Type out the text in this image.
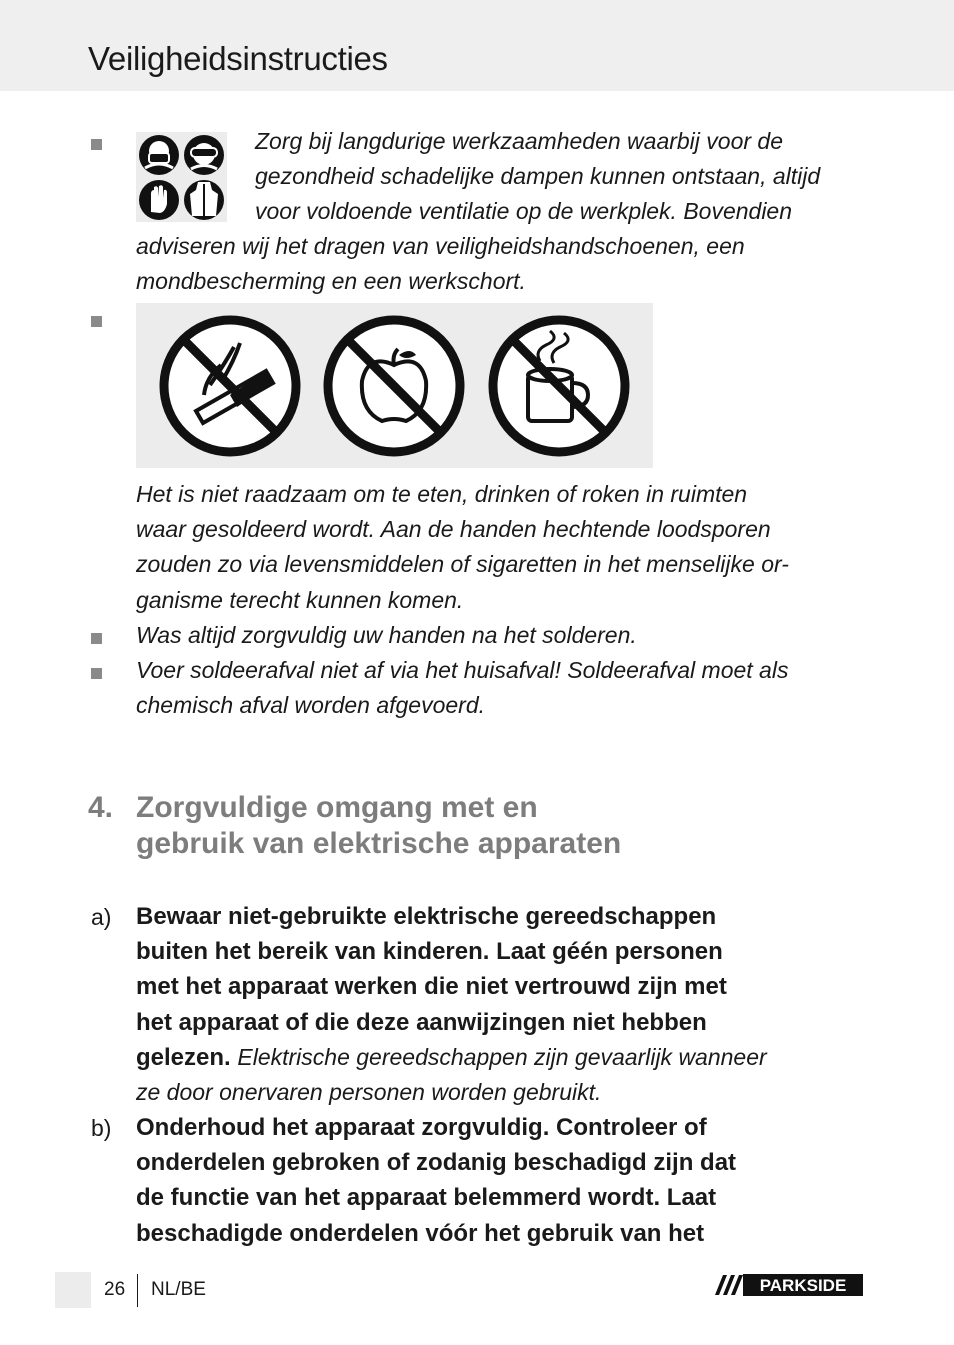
Veiligheidsinstructies
Zorg bij langdurige werkzaamheden waarbij voor de
gezondheid schadelijke dampen kunnen ontstaan, altijd
voor voldoende ventilatie op de werkplek. Bovendien
adviseren wij het dragen van veiligheidshandschoenen, een
mondbescherming en een werkschort.
Het is niet raadzaam om te eten, drinken of roken in ruimten
waar gesoldeerd wordt. Aan de handen hechtende loodsporen
zouden zo via levensmiddelen of sigaretten in het menselijke or-
ganisme terecht kunnen komen.
Was altijd zorgvuldig uw handen na het solderen.
Voer soldeerafval niet af via het huisafval! Soldeerafval moet als
chemisch afval worden afgevoerd.
4. Zorgvuldige omgang met en
gebruik van elektrische apparaten
a) Bewaar niet-gebruikte elektrische gereedschappen
buiten het bereik van kinderen. Laat géén personen
met het apparaat werken die niet vertrouwd zijn met
het apparaat of die deze aanwijzingen niet hebben
gelezen. Elektrische gereedschappen zijn gevaarlijk wanneer
ze door onervaren personen worden gebruikt.
b) Onderhoud het apparaat zorgvuldig. Controleer of
onderdelen gebroken of zodanig beschadigd zijn dat
de functie van het apparaat belemmerd wordt. Laat
beschadigde onderdelen vóór het gebruik van het
26 NL/BE	PARKSIDE
